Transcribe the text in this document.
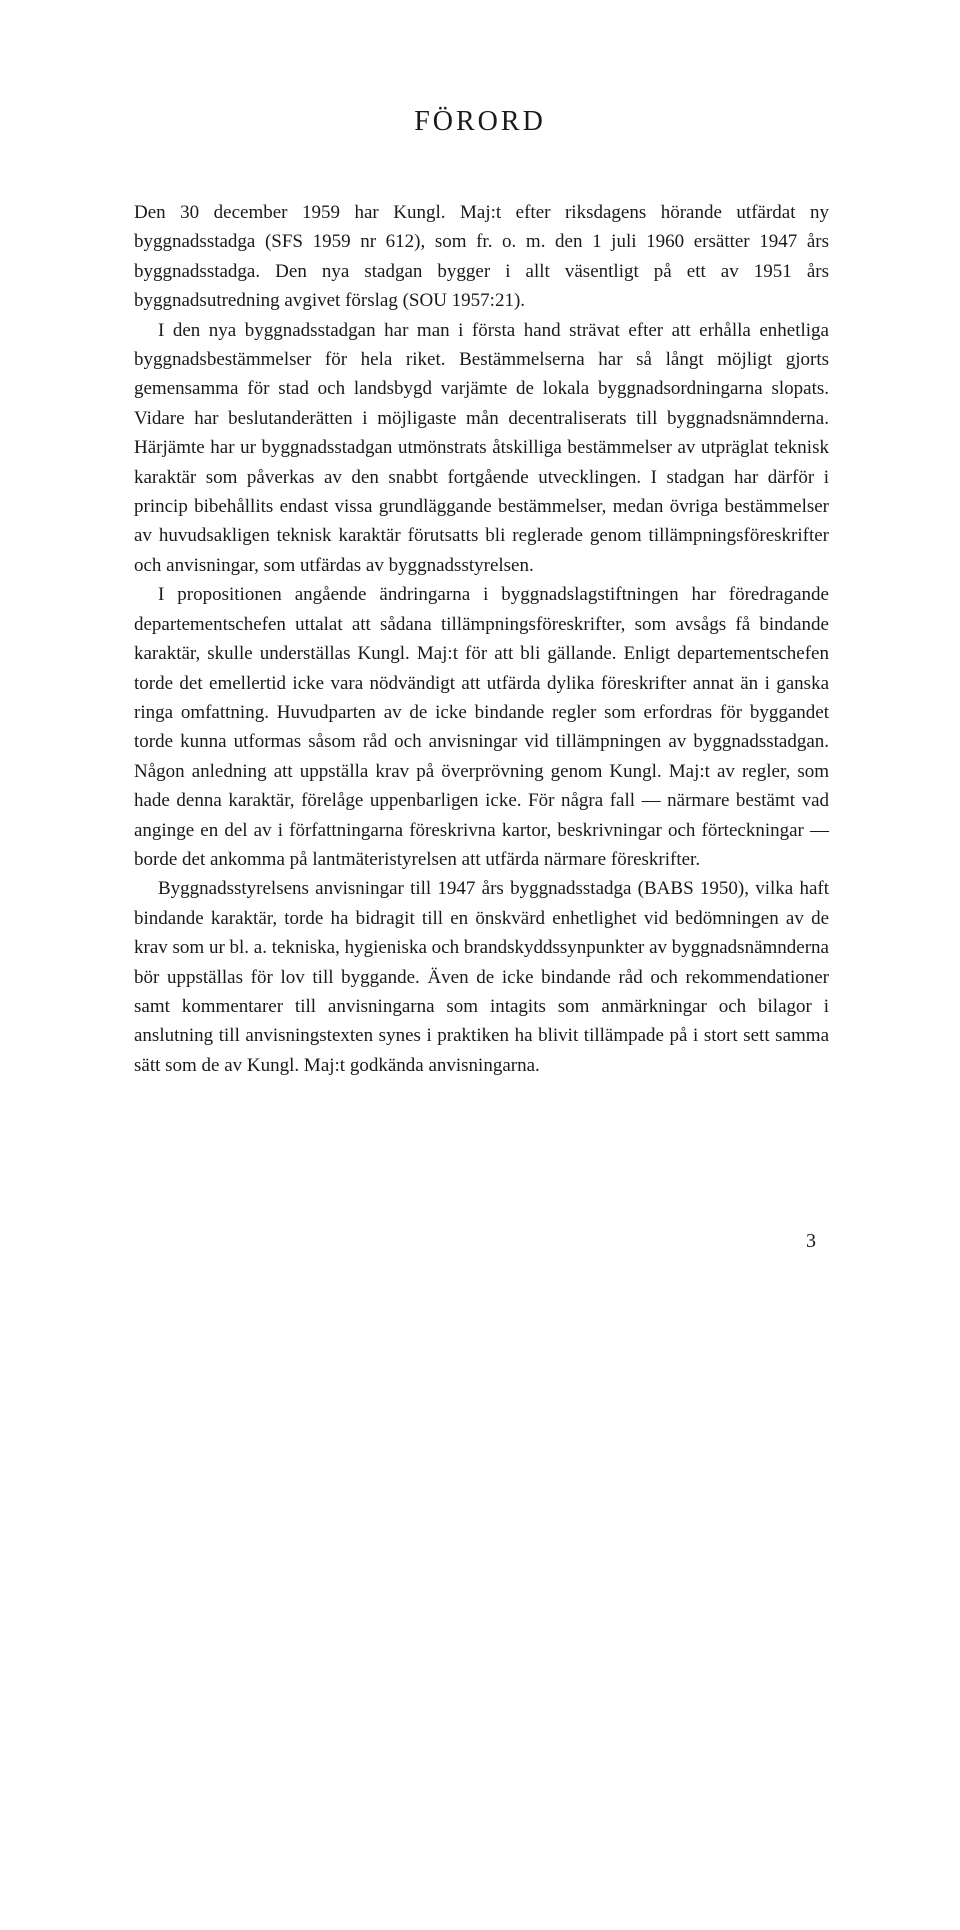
FÖRORD

Den 30 december 1959 har Kungl. Maj:t efter riksdagens hörande utfärdat ny byggnadsstadga (SFS 1959 nr 612), som fr. o. m. den 1 juli 1960 ersätter 1947 års byggnadsstadga. Den nya stadgan bygger i allt väsentligt på ett av 1951 års byggnadsutredning avgivet förslag (SOU 1957:21).

I den nya byggnadsstadgan har man i första hand strävat efter att erhålla enhetliga byggnadsbestämmelser för hela riket. Bestämmelserna har så långt möjligt gjorts gemensamma för stad och landsbygd varjämte de lokala byggnadsordningarna slopats. Vidare har beslutanderätten i möjligaste mån decentraliserats till byggnadsnämnderna. Härjämte har ur byggnadsstadgan utmönstrats åtskilliga bestämmelser av utpräglat teknisk karaktär som påverkas av den snabbt fortgående utvecklingen. I stadgan har därför i princip bibehållits endast vissa grundläggande bestämmelser, medan övriga bestämmelser av huvudsakligen teknisk karaktär förutsatts bli reglerade genom tillämpningsföreskrifter och anvisningar, som utfärdas av byggnadsstyrelsen.

I propositionen angående ändringarna i byggnadslagstiftningen har föredragande departementschefen uttalat att sådana tillämpningsföreskrifter, som avsågs få bindande karaktär, skulle underställas Kungl. Maj:t för att bli gällande. Enligt departementschefen torde det emellertid icke vara nödvändigt att utfärda dylika föreskrifter annat än i ganska ringa omfattning. Huvudparten av de icke bindande regler som erfordras för byggandet torde kunna utformas såsom råd och anvisningar vid tillämpningen av byggnadsstadgan. Någon anledning att uppställa krav på överprövning genom Kungl. Maj:t av regler, som hade denna karaktär, förelåge uppenbarligen icke. För några fall — närmare bestämt vad anginge en del av i författningarna föreskrivna kartor, beskrivningar och förteckningar — borde det ankomma på lantmäteristyrelsen att utfärda närmare föreskrifter.

Byggnadsstyrelsens anvisningar till 1947 års byggnadsstadga (BABS 1950), vilka haft bindande karaktär, torde ha bidragit till en önskvärd enhetlighet vid bedömningen av de krav som ur bl. a. tekniska, hygieniska och brandskyddssynpunkter av byggnadsnämnderna bör uppställas för lov till byggande. Även de icke bindande råd och rekommendationer samt kommentarer till anvisningarna som intagits som anmärkningar och bilagor i anslutning till anvisningstexten synes i praktiken ha blivit tillämpade på i stort sett samma sätt som de av Kungl. Maj:t godkända anvisningarna.

3
